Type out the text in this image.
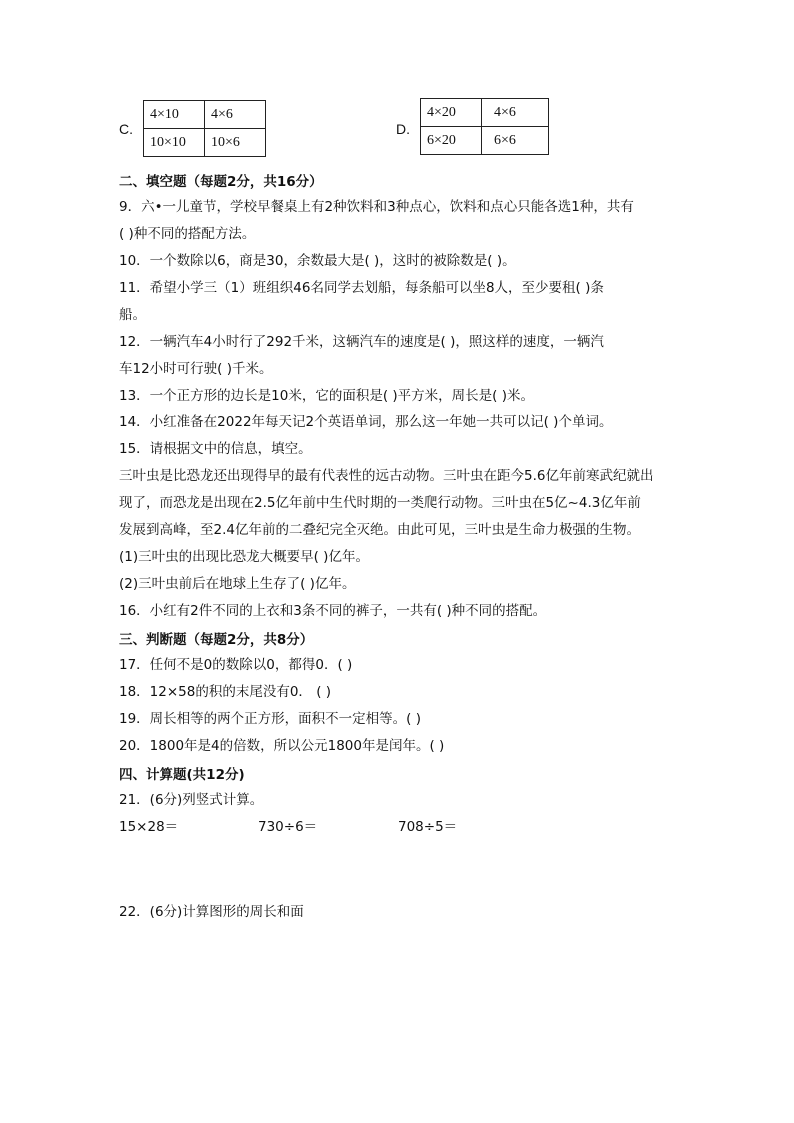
C.
4×10	4×6
10×10	10×6
D.
4×20	4×6
6×20	6×6
二、填空题（每题2分，共16分）
9．六•一儿童节，学校早餐桌上有2种饮料和3种点心，饮料和点心只能各选1种，共有
( )种不同的搭配方法。
10．一个数除以6，商是30，余数最大是( )，这时的被除数是( )。
11．希望小学三（1）班组织46名同学去划船，每条船可以坐8人，至少要租( )条
船。
12．一辆汽车4小时行了292千米，这辆汽车的速度是( )，照这样的速度，一辆汽
车12小时可行驶( )千米。
13．一个正方形的边长是10米，它的面积是( )平方米，周长是( )米。
14．小红准备在2022年每天记2个英语单词，那么这一年她一共可以记( )个单词。
15．请根据文中的信息，填空。
三叶虫是比恐龙还出现得早的最有代表性的远古动物。三叶虫在距今5.6亿年前寒武纪就出
现了，而恐龙是出现在2.5亿年前中生代时期的一类爬行动物。三叶虫在5亿~4.3亿年前
发展到高峰，至2.4亿年前的二叠纪完全灭绝。由此可见，三叶虫是生命力极强的生物。
(1)三叶虫的出现比恐龙大概要早( )亿年。
(2)三叶虫前后在地球上生存了( )亿年。
16．小红有2件不同的上衣和3条不同的裤子，一共有( )种不同的搭配。
三、判断题（每题2分，共8分）
17．任何不是0的数除以0，都得0．( )
18．12×58的积的末尾没有0． ( )
19．周长相等的两个正方形，面积不一定相等。( )
20．1800年是4的倍数，所以公元1800年是闰年。( )
四、计算题(共12分)
21．(6分)列竖式计算。
15×28＝	730÷6＝	708÷5＝
22．(6分)计算图形的周长和面
